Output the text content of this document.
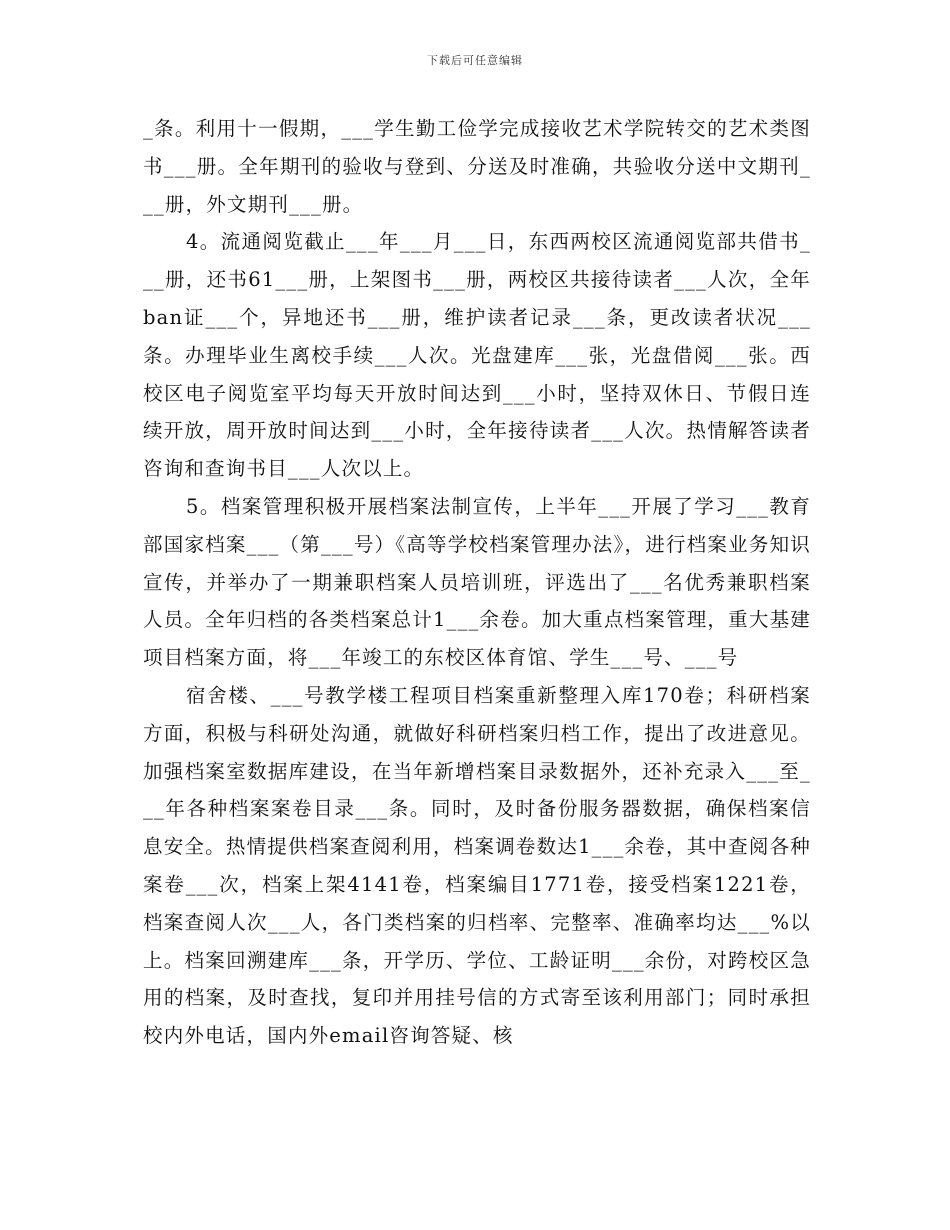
下载后可任意编辑

_条。利用十一假期，___学生勤工俭学完成接收艺术学院转交的艺术类图书___册。全年期刊的验收与登到、分送及时准确，共验收分送中文期刊___册，外文期刊___册。

4。流通阅览截止___年___月___日，东西两校区流通阅览部共借书___册，还书61___册，上架图书___册，两校区共接待读者___人次，全年ban证___个，异地还书___册，维护读者记录___条，更改读者状况___条。办理毕业生离校手续___人次。光盘建库___张，光盘借阅___张。西校区电子阅览室平均每天开放时间达到___小时，坚持双休日、节假日连续开放，周开放时间达到___小时，全年接待读者___人次。热情解答读者咨询和查询书目___人次以上。

5。档案管理积极开展档案法制宣传，上半年___开展了学习___教育部国家档案___（第___号）《高等学校档案管理办法》，进行档案业务知识宣传，并举办了一期兼职档案人员培训班，评选出了___名优秀兼职档案人员。全年归档的各类档案总计1___余卷。加大重点档案管理，重大基建项目档案方面，将___年竣工的东校区体育馆、学生___号、___号

宿舍楼、___号教学楼工程项目档案重新整理入库170卷；科研档案方面，积极与科研处沟通，就做好科研档案归档工作，提出了改进意见。加强档案室数据库建设，在当年新增档案目录数据外，还补充录入___至___年各种档案案卷目录___条。同时，及时备份服务器数据，确保档案信息安全。热情提供档案查阅利用，档案调卷数达1___余卷，其中查阅各种案卷___次，档案上架4141卷，档案编目1771卷，接受档案1221卷，档案查阅人次___人，各门类档案的归档率、完整率、准确率均达___%以上。档案回溯建库___条，开学历、学位、工龄证明___余份，对跨校区急用的档案，及时查找，复印并用挂号信的方式寄至该利用部门；同时承担校内外电话，国内外email咨询答疑、核
